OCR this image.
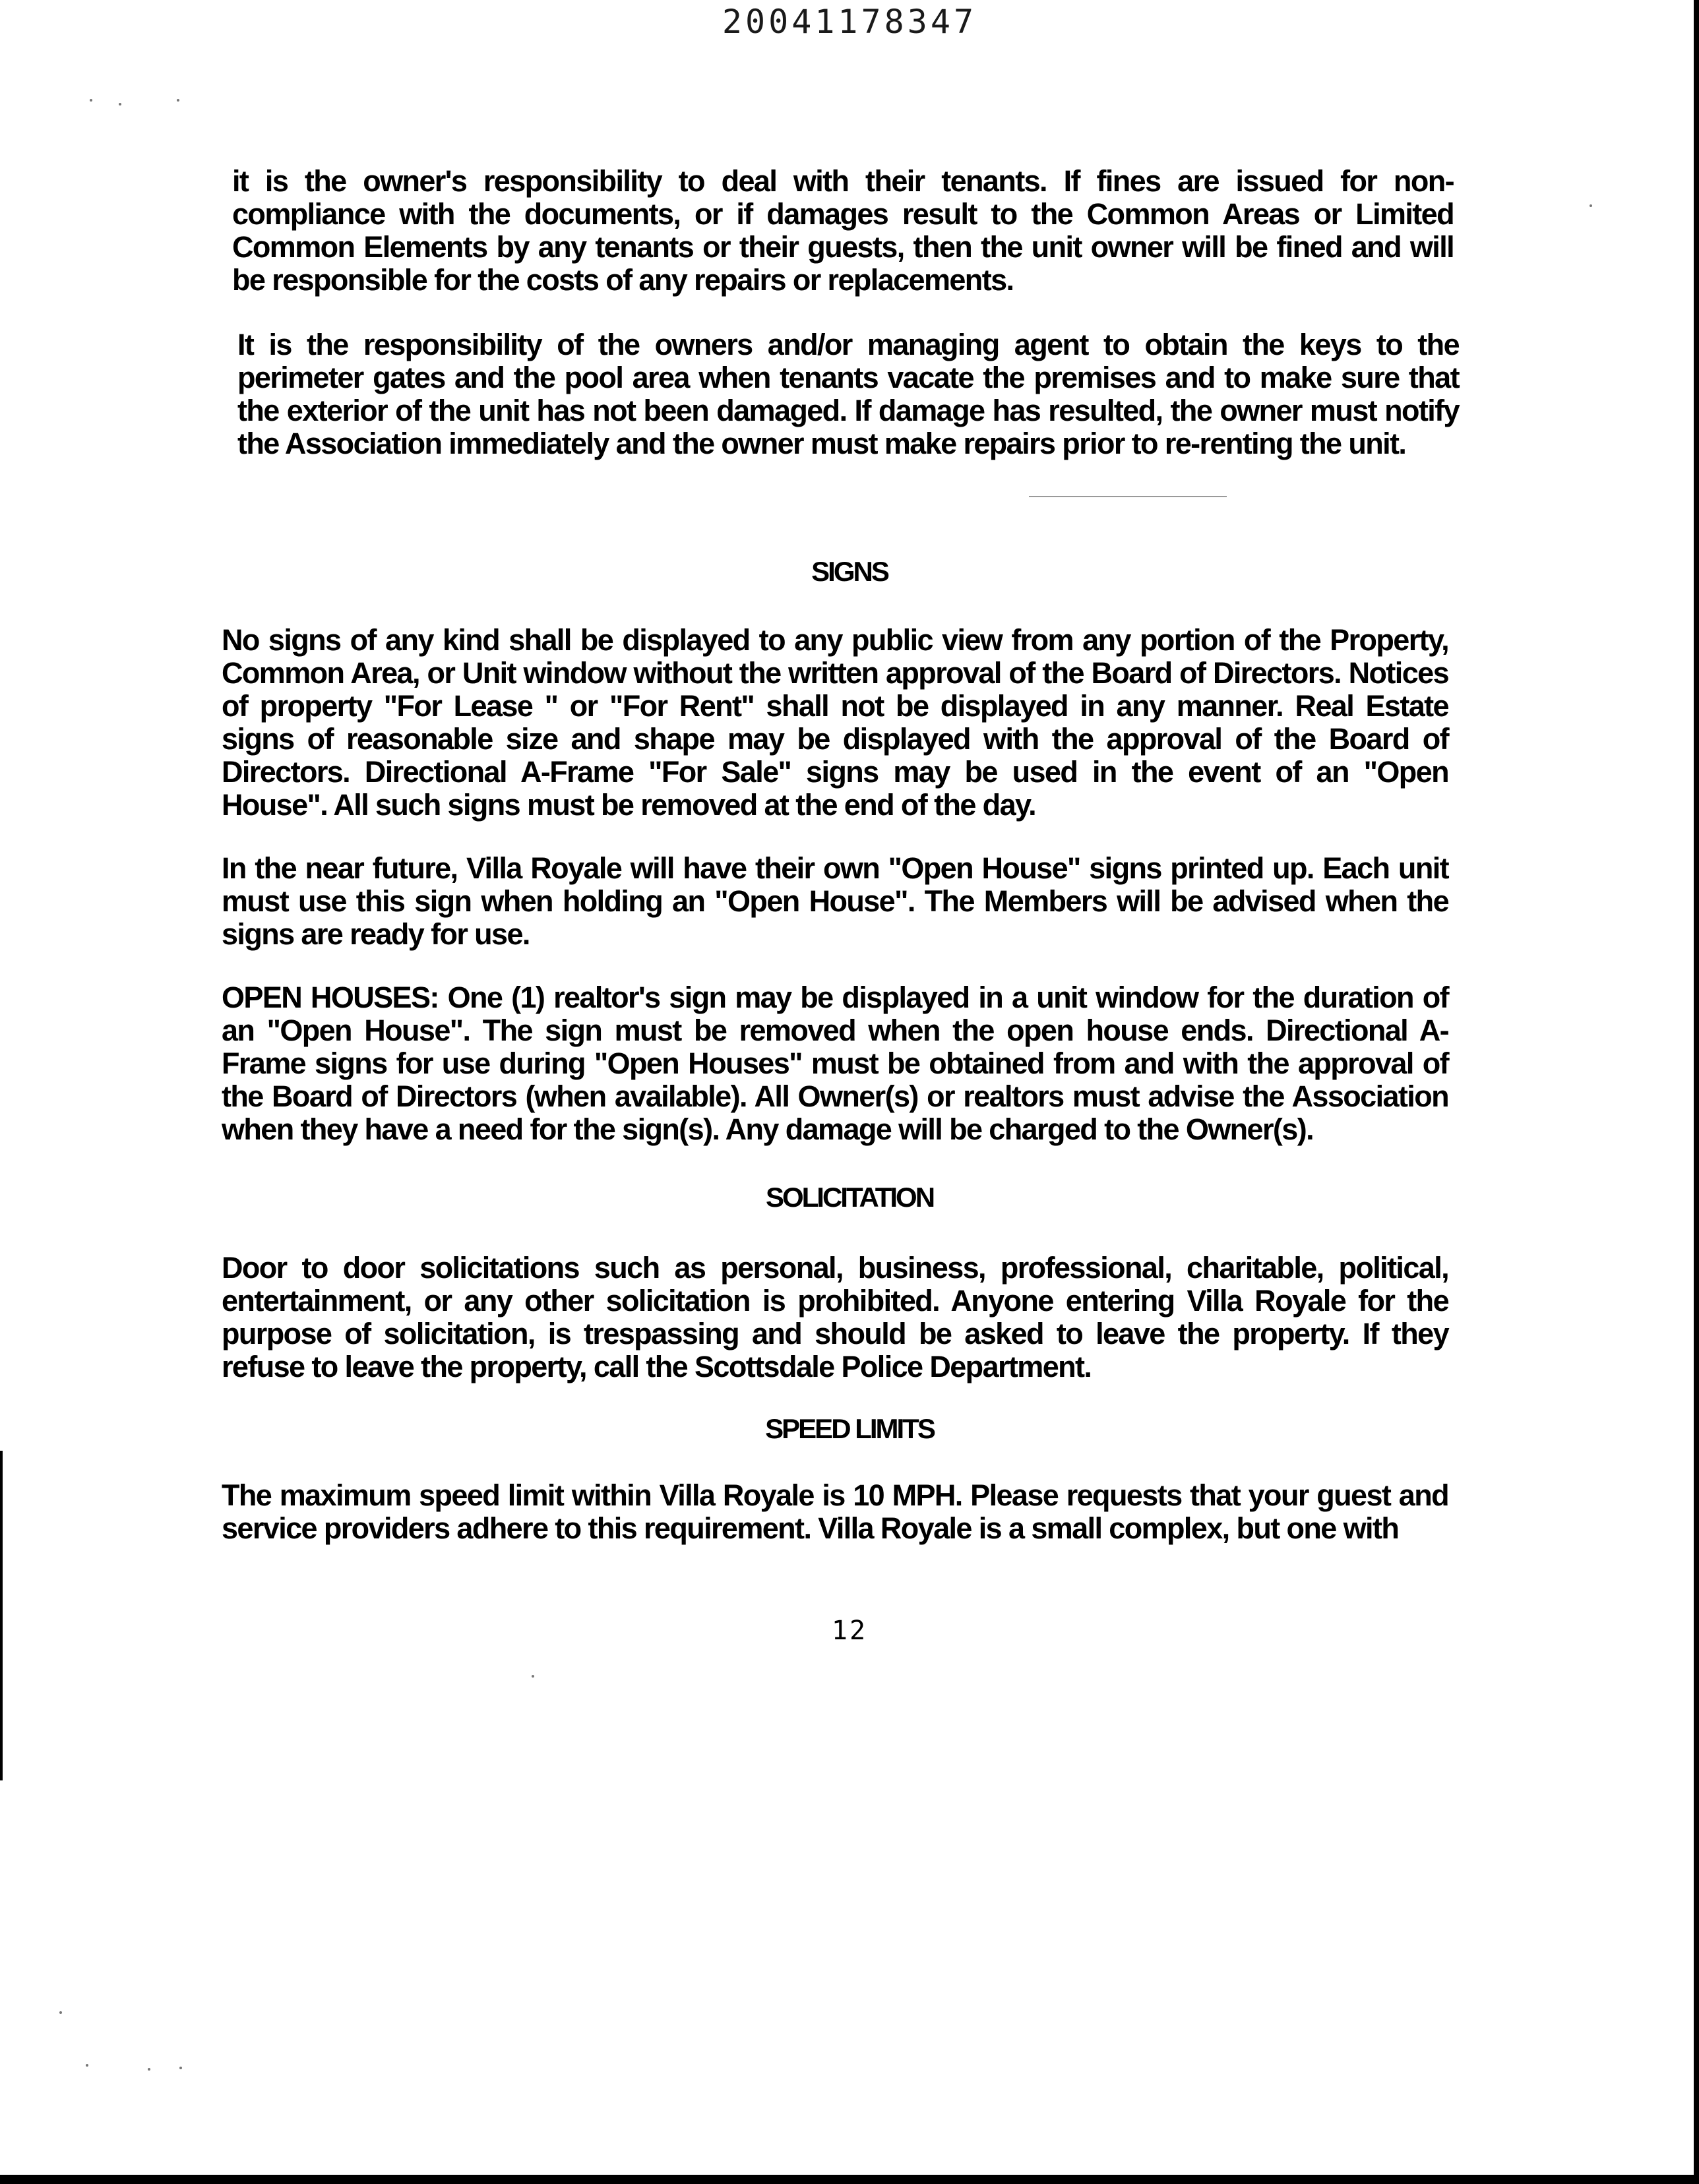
20041178347

it is the owner's responsibility to deal with their tenants. If fines are issued for non-compliance with the documents, or if damages result to the Common Areas or Limited Common Elements by any tenants or their guests, then the unit owner will be fined and will be responsible for the costs of any repairs or replacements.

It is the responsibility of the owners and/or managing agent to obtain the keys to the perimeter gates and the pool area when tenants vacate the premises and to make sure that the exterior of the unit has not been damaged. If damage has resulted, the owner must notify the Association immediately and the owner must make repairs prior to re-renting the unit.

SIGNS

No signs of any kind shall be displayed to any public view from any portion of the Property, Common Area, or Unit window without the written approval of the Board of Directors. Notices of property "For Lease " or "For Rent" shall not be displayed in any manner. Real Estate signs of reasonable size and shape may be displayed with the approval of the Board of Directors. Directional A-Frame "For Sale" signs may be used in the event of an "Open House". All such signs must be removed at the end of the day.

In the near future, Villa Royale will have their own "Open House" signs printed up. Each unit must use this sign when holding an "Open House". The Members will be advised when the signs are ready for use.

OPEN HOUSES: One (1) realtor's sign may be displayed in a unit window for the duration of an "Open House". The sign must be removed when the open house ends. Directional A-Frame signs for use during "Open Houses" must be obtained from and with the approval of the Board of Directors (when available). All Owner(s) or realtors must advise the Association when they have a need for the sign(s). Any damage will be charged to the Owner(s).

SOLICITATION

Door to door solicitations such as personal, business, professional, charitable, political, entertainment, or any other solicitation is prohibited. Anyone entering Villa Royale for the purpose of solicitation, is trespassing and should be asked to leave the property. If they refuse to leave the property, call the Scottsdale Police Department.

SPEED LIMITS

The maximum speed limit within Villa Royale is 10 MPH. Please requests that your guest and service providers adhere to this requirement. Villa Royale is a small complex, but one with

12
